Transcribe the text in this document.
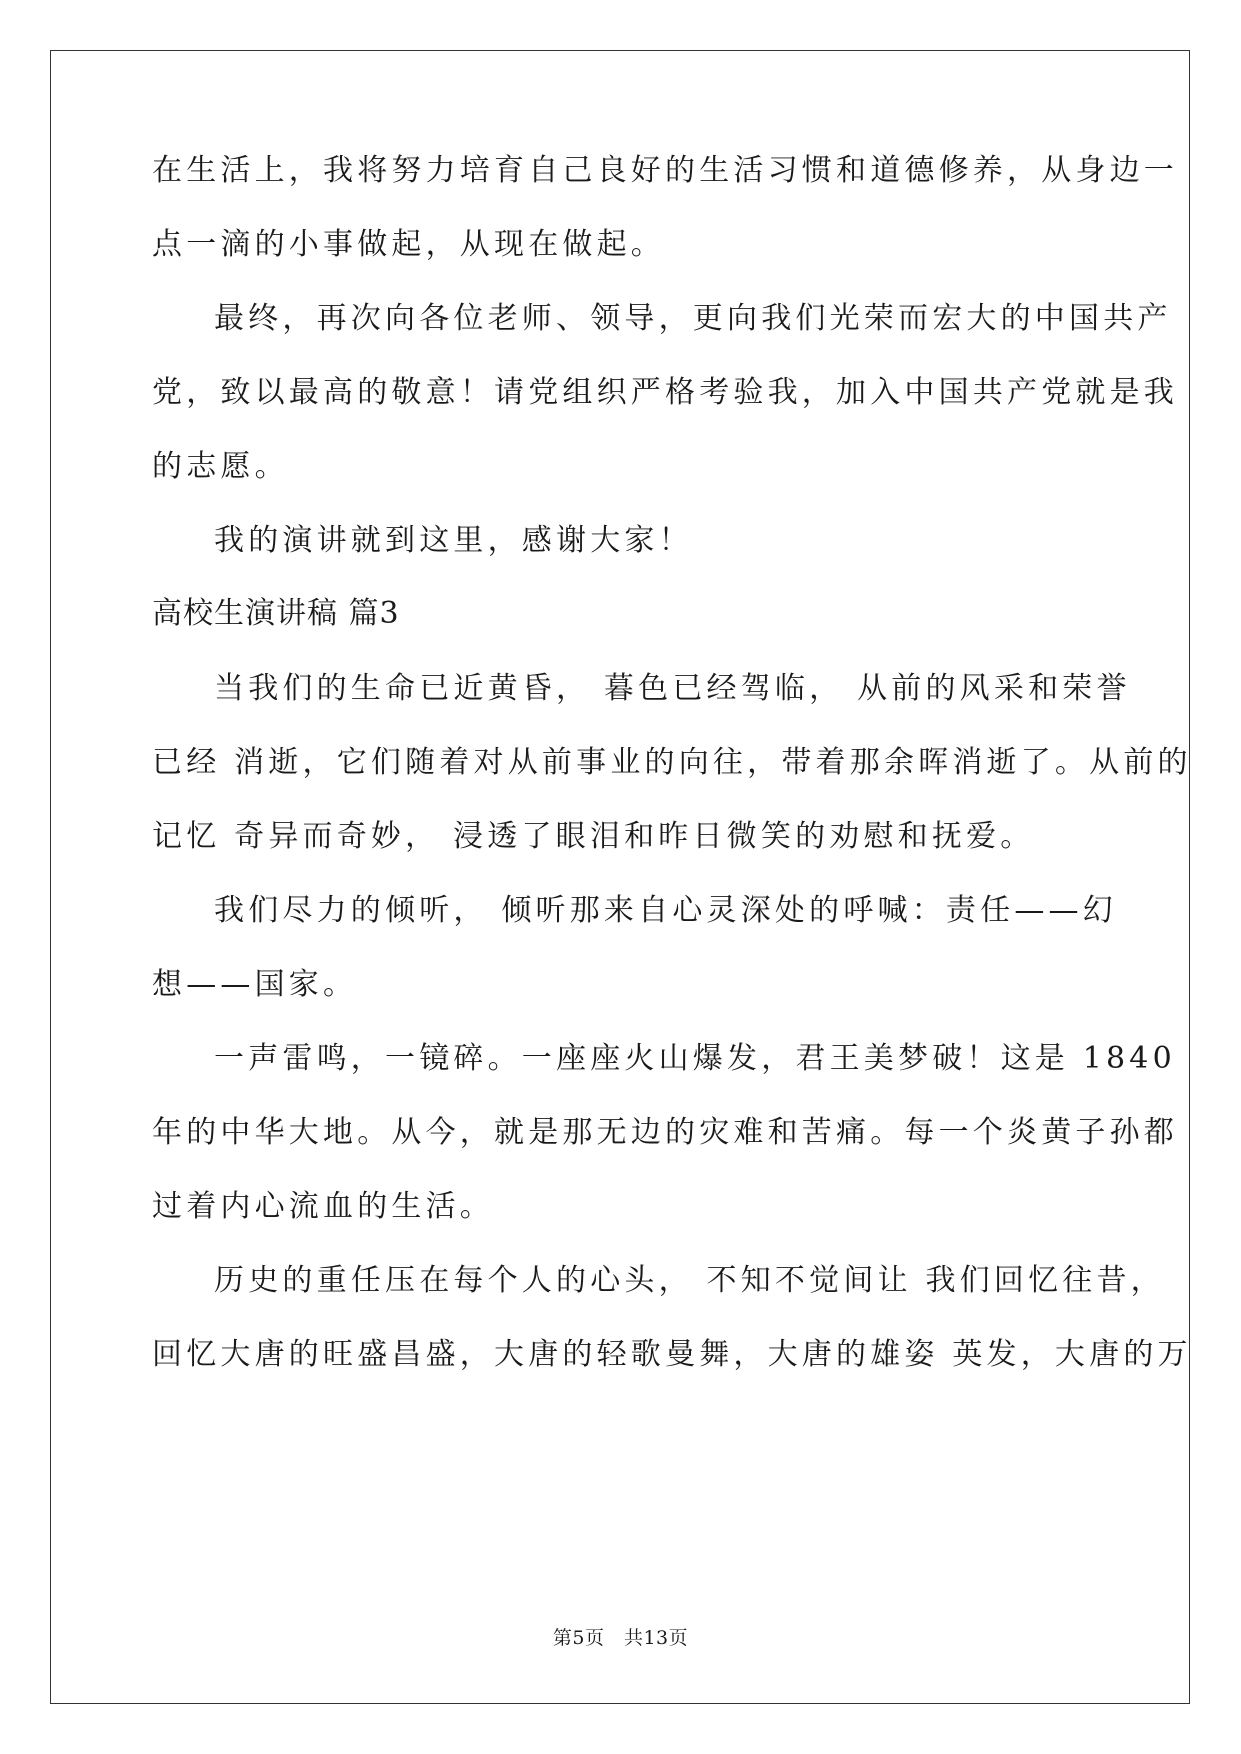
在生活上，我将努力培育自己良好的生活习惯和道德修养，从身边一
点一滴的小事做起，从现在做起。
最终，再次向各位老师、领导，更向我们光荣而宏大的中国共产
党，致以最高的敬意！请党组织严格考验我，加入中国共产党就是我
的志愿。
我的演讲就到这里，感谢大家！
高校生演讲稿 篇3
当我们的生命已近黄昏， 暮色已经驾临， 从前的风采和荣誉
已经 消逝，它们随着对从前事业的向往，带着那余晖消逝了。从前的
记忆 奇异而奇妙， 浸透了眼泪和昨日微笑的劝慰和抚爱。
我们尽力的倾听， 倾听那来自心灵深处的呼喊：责任——幻
想——国家。
一声雷鸣，一镜碎。一座座火山爆发，君王美梦破！这是 1840
年的中华大地。从今，就是那无边的灾难和苦痛。每一个炎黄子孙都
过着内心流血的生活。
历史的重任压在每个人的心头， 不知不觉间让 我们回忆往昔，
回忆大唐的旺盛昌盛，大唐的轻歌曼舞，大唐的雄姿 英发，大唐的万
第5页　共13页
